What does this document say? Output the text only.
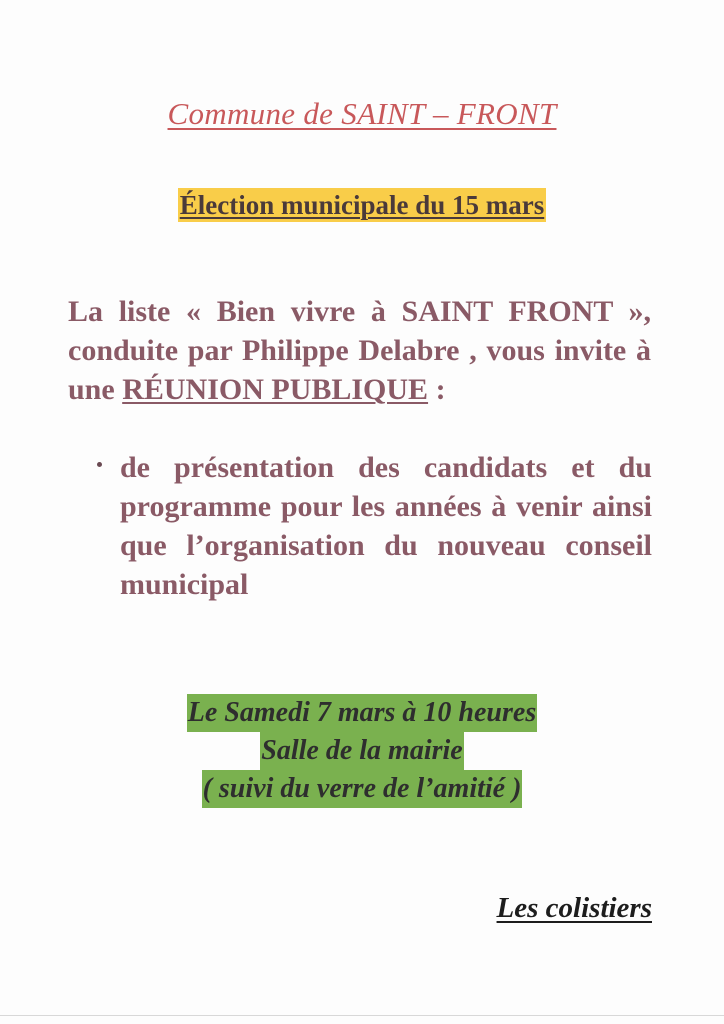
Commune de SAINT – FRONT
Élection municipale du 15 mars
La liste « Bien vivre à SAINT FRONT », conduite par Philippe Delabre , vous invite à une RÉUNION PUBLIQUE :
de présentation des candidats et du programme pour les années à venir ainsi que l’organisation du nouveau conseil municipal
Le Samedi 7 mars à 10 heures
Salle de la mairie
( suivi du verre de l’amitié )
Les colistiers
